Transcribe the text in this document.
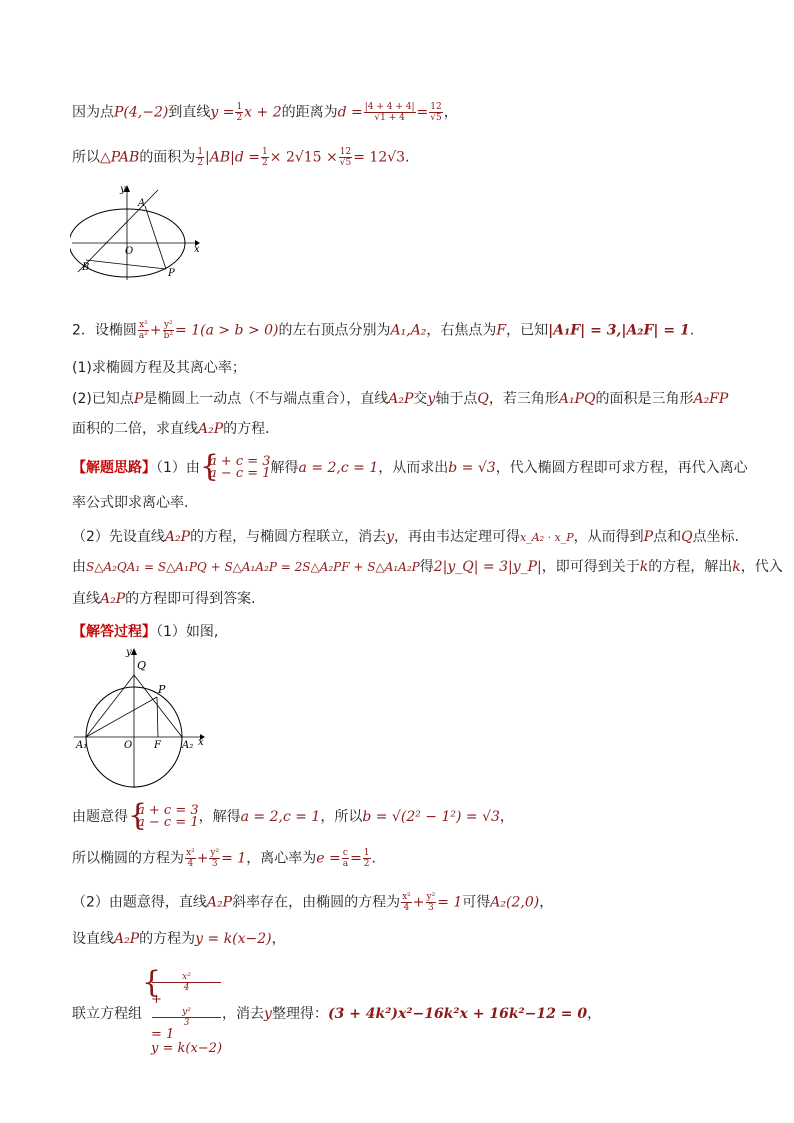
因为点P(4,−2)到直线$y = \frac{1}{2}$ x + 2的距离为$d = \frac{|4 + 4 + 4|}{√1 + 4} = \frac{12}{√5}$ ，
所以△PAB的面积为 $\frac{1}{2} |AB|d = \frac{1}{2} \times 2√15 \times \frac{12}{√5} = 12√3$.
y
x
O
A
B
P
2．设椭圆 $\frac{\text{x²}}{\text{a²}} + \frac{\text{y²}}{\text{b²}} = 1(a > b > 0)$的左右顶点分别为A₁,A₂，右焦点为F，已知|A₁F| = 3,|A₂F| = 1.
(1)求椭圆方程及其离心率；
(2)已知点P是椭圆上一动点（不与端点重合），直线A₂P交y轴于点Q，若三角形A₁PQ的面积是三角形A₂FP
面积的二倍，求直线A₂P的方程．
【解题思路】（1）由 { a + c = 3
a − c = 1 解得a = 2,c = 1，从而求出b = √3，代入椭圆方程即可求方程，再代入离心
率公式即求离心率.
（2）先设直线A₂P的方程，与椭圆方程联立，消去y，再由韦达定理可得x_A₂ · x_P，从而得到P点和Q点坐标.
由S△A₂QA₁ = S△A₁PQ + S△A₁A₂P = 2S△A₂PF + S△A₁A₂P得2|y_Q| = 3|y_P|，即可得到关于k的方程，解出k，代入
直线A₂P的方程即可得到答案.
【解答过程】（1）如图,
y
x
Q
P
O F
A₁	A₂
由题意得 { a + c = 3
a − c = 1 ，解得a = 2,c = 1，所以b = √(2² − 1²) = √3，
所以椭圆的方程为 $\frac{\text{x²}}{4} + \frac{\text{y²}}{3} = 1$，离心率为$e = \frac{c}{a} = \frac{1}{2}$ .
（2）由题意得，直线A₂P斜率存在，由椭圆的方程为 $\frac{\text{x²}}{4} + \frac{\text{y²}}{3} = 1$可得A₂(2,0)，
设直线A₂P的方程为y = k(x−2)，
联立方程组
{ x²
4
+
y²
3
= 1
y = k(x−2)
，消去y整理得：(3 + 4k²)x²−16k²x + 16k²−12 = 0，
